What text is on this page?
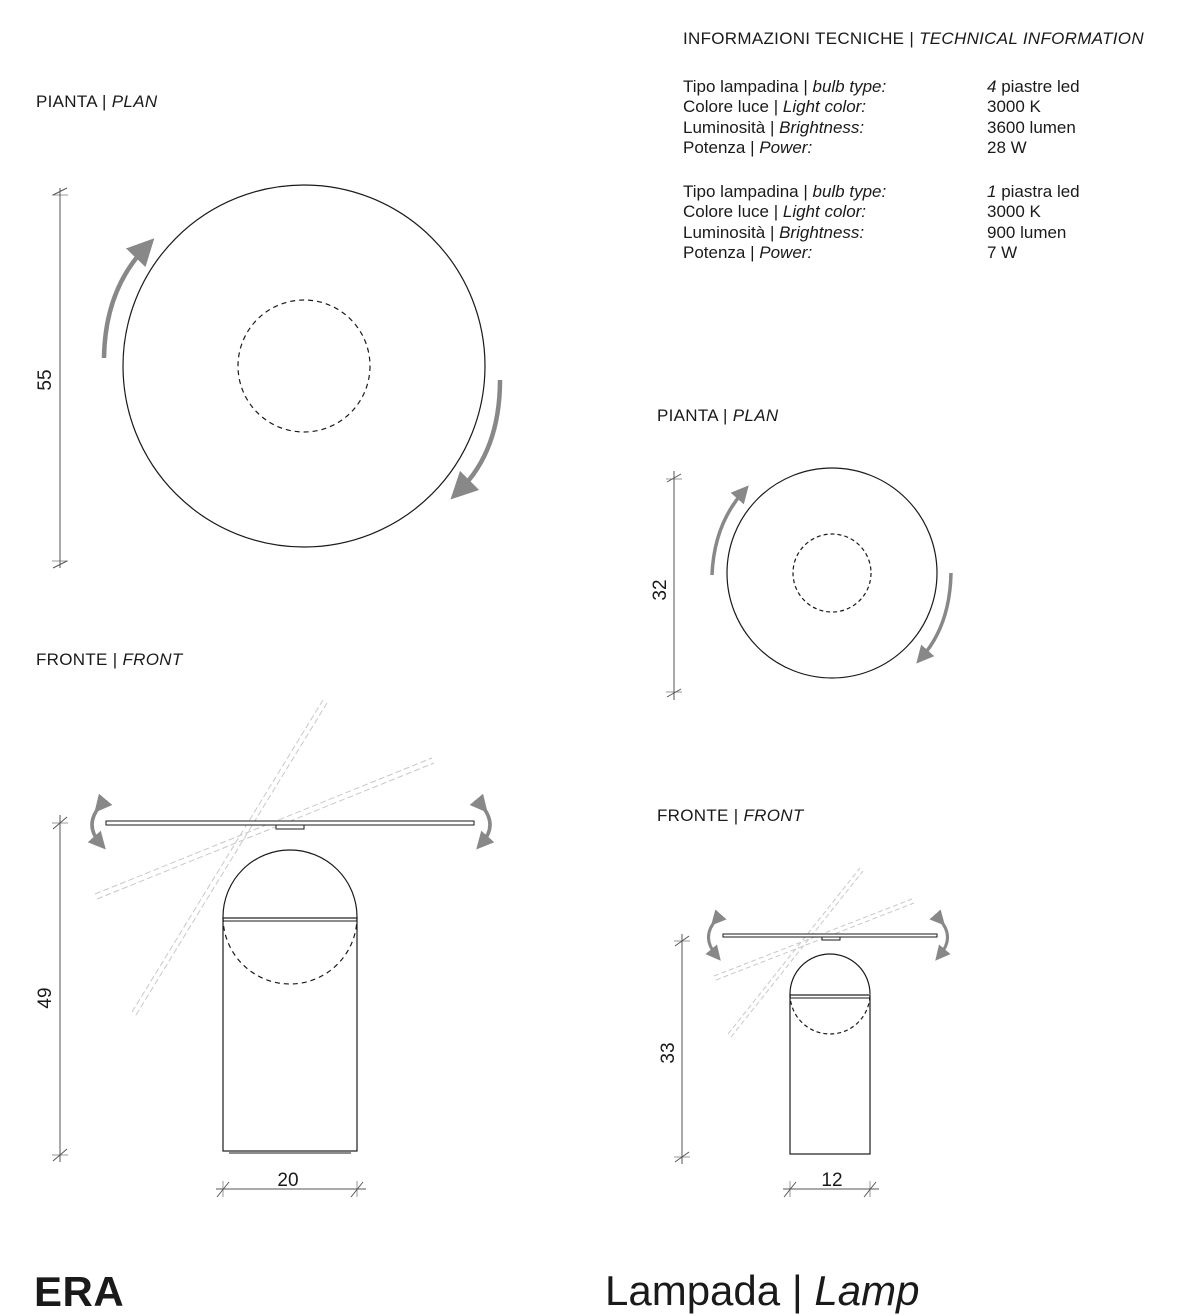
55
32
49
20
33
12
PIANTA | PLAN
FRONTE | FRONT
PIANTA | PLAN
FRONTE | FRONT
INFORMAZIONI TECNICHE | TECHNICAL INFORMATION
Tipo lampadina | bulb type:	4 piastre led
Colore luce | Light color:	3000 K
Luminosità | Brightness:	3600 lumen
Potenza | Power:	28 W
Tipo lampadina | bulb type:	1 piastra led
Colore luce | Light color:	3000 K
Luminosità | Brightness:	900 lumen
Potenza | Power:	7 W
ERA	Lampada | Lamp
